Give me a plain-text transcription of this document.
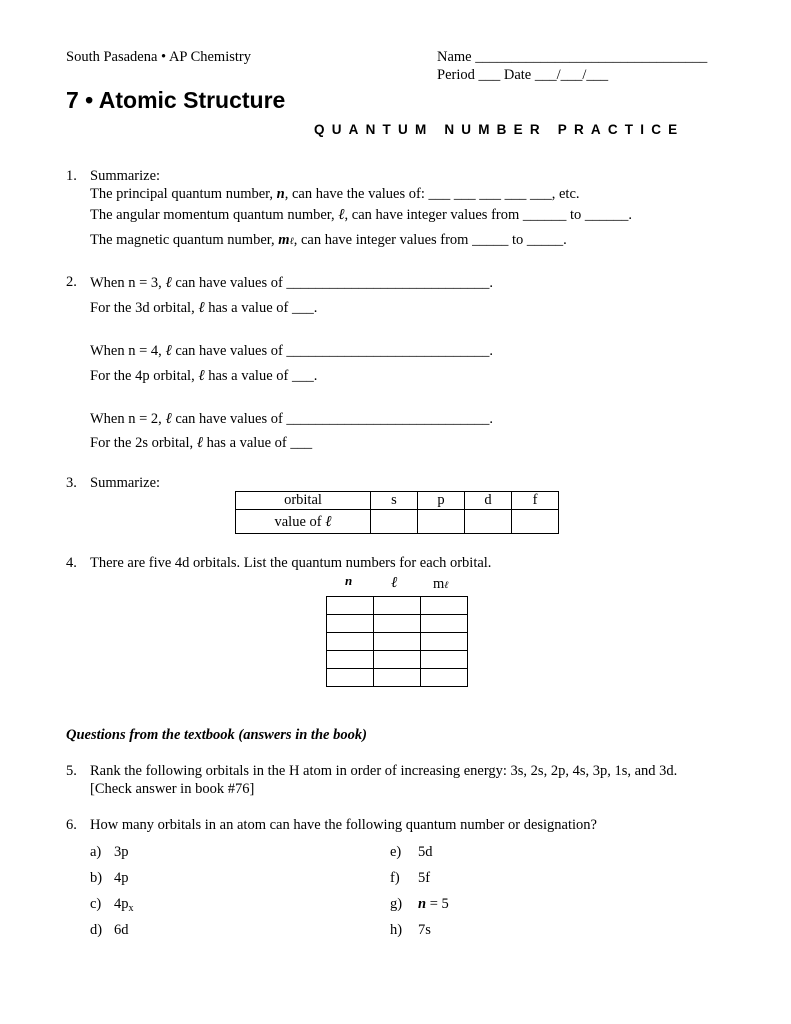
South Pasadena • AP Chemistry	Name ________________________________
Period ___ Date ___/___/___
7 • Atomic Structure
QUANTUM NUMBER PRACTICE
1. Summarize:
The principal quantum number, n, can have the values of: ___ ___ ___ ___ ___, etc.
The angular momentum quantum number, ℓ, can have integer values from ______ to ______.
The magnetic quantum number, mℓ, can have integer values from _____ to _____.
2. When n = 3, ℓ can have values of ____________________________.
For the 3d orbital, ℓ has a value of ___.
When n = 4, ℓ can have values of ____________________________.
For the 4p orbital, ℓ has a value of ___.
When n = 2, ℓ can have values of ____________________________.
For the 2s orbital, ℓ has a value of ___
3. Summarize:
orbital	s	p	d	f
value of ℓ				
4. There are five 4d orbitals. List the quantum numbers for each orbital.
n	ℓ mℓ

Questions from the textbook (answers in the book)
5. Rank the following orbitals in the H atom in order of increasing energy: 3s, 2s, 2p, 4s, 3p, 1s, and 3d.
[Check answer in book #76]
6. How many orbitals in an atom can have the following quantum number or designation?
a) 3p
b) 4p
c) $4p_x$
d) 6d
e) 5d
f) 5f
g) n = 5
h) 7s
